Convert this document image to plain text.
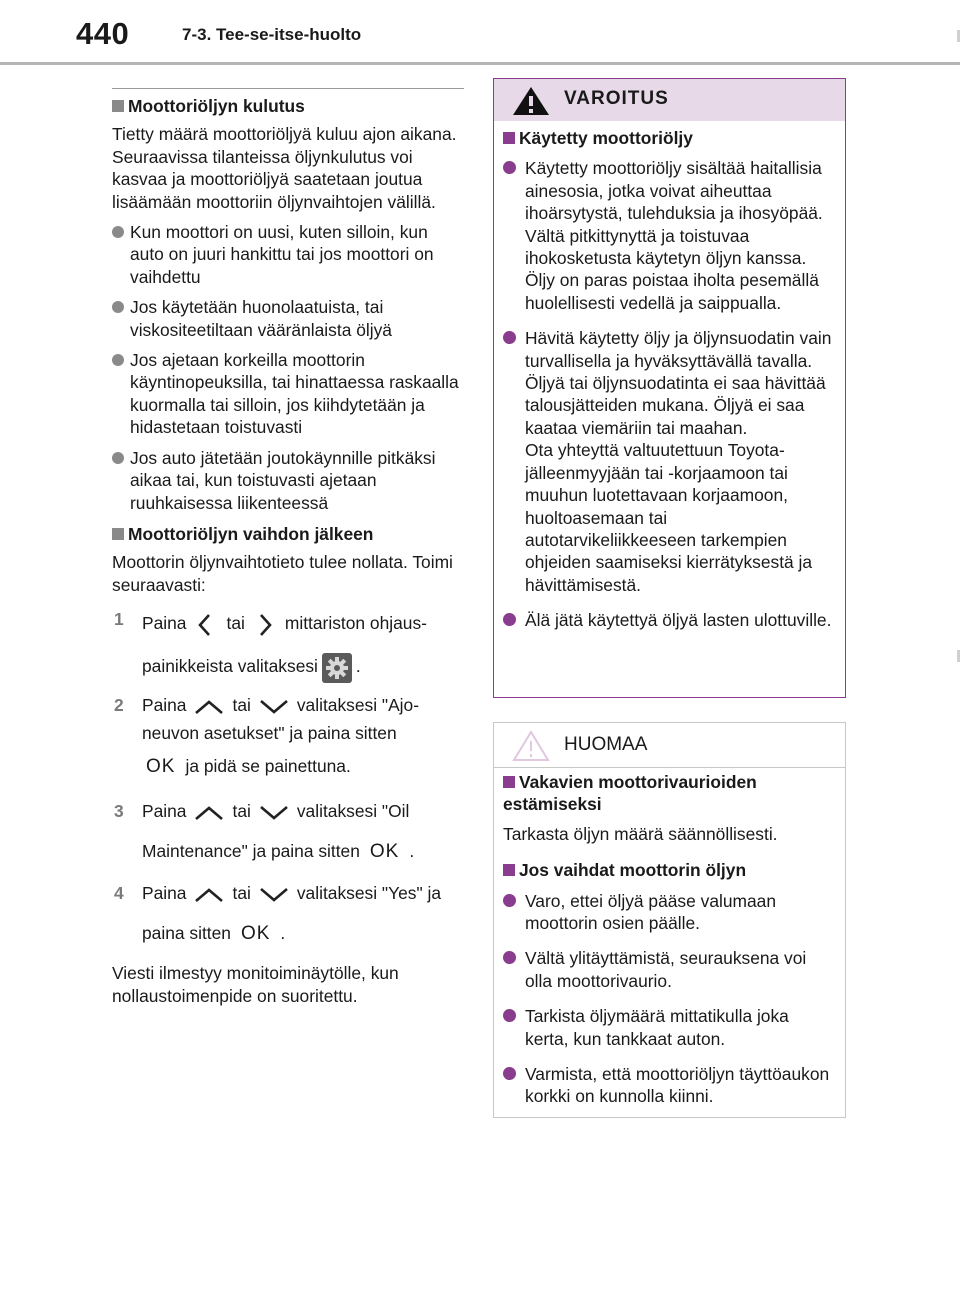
440	7-3. Tee-se-itse-huolto

Moottoriöljyn kulutus

Tietty määrä moottoriöljyä kuluu ajon aikana. Seuraavissa tilanteissa öljynkulutus voi kasvaa ja moottoriöljyä saatetaan joutua lisäämään moottoriin öljynvaihtojen välillä.

Kun moottori on uusi, kuten silloin, kun auto on juuri hankittu tai jos moottori on vaihdettu

Jos käytetään huonolaatuista, tai viskositeetiltaan vääränlaista öljyä

Jos ajetaan korkeilla moottorin käyntinopeuksilla, tai hinattaessa raskaalla kuormalla tai silloin, jos kiihdytetään ja hidastetaan toistuvasti

Jos auto jätetään joutokäynnille pitkäksi aikaa tai, kun toistuvasti ajetaan ruuhkaisessa liikenteessä

Moottoriöljyn vaihdon jälkeen

Moottorin öljynvaihtotieto tulee nollata. Toimi seuraavasti:

1 Paina tai mittariston ohjaus-
painikkeista valitaksesi .
2 Paina	tai	valitaksesi "Ajo-
neuvon asetukset" ja paina sitten
OK ja pidä se painettuna.
3 Paina	tai	valitaksesi "Oil
Maintenance" ja paina sitten OK .
4 Paina	tai	valitaksesi "Yes" ja
paina sitten OK .

Viesti ilmestyy monitoiminäytölle, kun nollaustoimenpide on suoritettu.

VAROITUS

Käytetty moottoriöljy

Käytetty moottoriöljy sisältää haitallisia ainesosia, jotka voivat aiheuttaa ihoärsytystä, tulehduksia ja ihosyöpää. Vältä pitkittynyttä ja toistuvaa ihokosketusta käytetyn öljyn kanssa. Öljy on paras poistaa iholta pesemällä huolellisesti vedellä ja saippualla.

Hävitä käytetty öljy ja öljynsuodatin vain turvallisella ja hyväksyttävällä tavalla. Öljyä tai öljynsuodatinta ei saa hävittää talousjätteiden mukana. Öljyä ei saa kaataa viemäriin tai maahan.
Ota yhteyttä valtuutettuun Toyota-jälleenmyyjään tai -korjaamoon tai muuhun luotettavaan korjaamoon, huoltoasemaan tai autotarvikeliikkeeseen tarkempien ohjeiden saamiseksi kierrätyksestä ja hävittämisestä.

Älä jätä käytettyä öljyä lasten ulottuville.

HUOMAA

Vakavien moottorivaurioiden estämiseksi

Tarkasta öljyn määrä säännöllisesti.

Jos vaihdat moottorin öljyn

Varo, ettei öljyä pääse valumaan moottorin osien päälle.

Vältä ylitäyttämistä, seurauksena voi olla moottorivaurio.

Tarkista öljymäärä mittatikulla joka kerta, kun tankkaat auton.

Varmista, että moottoriöljyn täyttöaukon korkki on kunnolla kiinni.
